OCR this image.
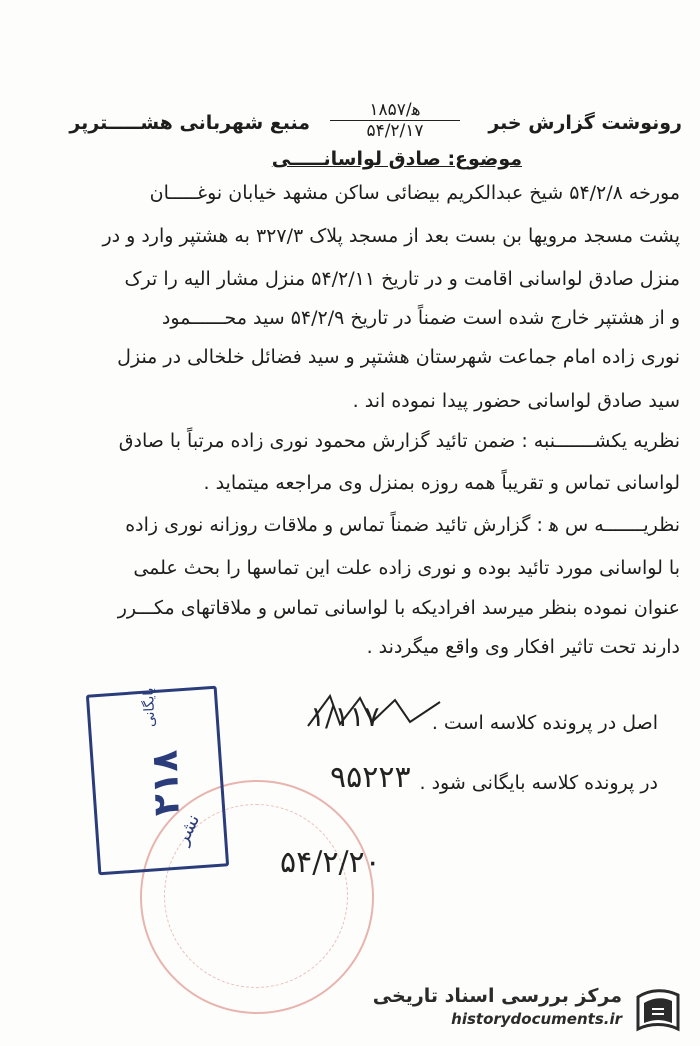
رونوشت گزارش خبر
۱ﻫ/۸۵۷
۵۴/۲/۱۷
منبع شهربانی هشـــــترپر
موضوع: صادق لواسانـــــی
مورخه ۵۴/۲/۸ شیخ عبدالکریم بیضائی ساکن مشهد خیابان نوغـــــان
پشت مسجد مرویها بن بست بعد از مسجد پلاک ۳۲۷/۳ به هشتپر وارد و در
منزل صادق لواسانی اقامت و در تاریخ ۵۴/۲/۱۱ منزل مشار الیه را ترک
و از هشتپر خارج شده است ضمناً در تاریخ ۵۴/۲/۹ سید محــــــمود
نوری زاده امام جماعت شهرستان هشتپر و سید فضائل خلخالی در منزل
سید صادق لواسانی حضور پیدا نموده اند .
نظریه یکشـــــــنبه : ضمن تائید گزارش محمود نوری زاده مرتباً با صادق
لواسانی تماس و تقریباً همه روزه بمنزل وی مراجعه میتماید .
نظریـــــــه س ﻫ : گزارش تائید ضمناً تماس و ملاقات روزانه نوری زاده
با لواسانی مورد تائید بوده و نوری زاده علت این تماسها را بحث علمی
عنوان نموده بنظر میرسد افرادیکه با لواسانی تماس و ملاقاتهای مکـــرر
دارند تحت تاثیر افکار وی واقع میگردند .
اصل در پرونده کلاسه است .
۱/۱۱۷
در پرونده کلاسه بایگانی شود .
۹۵۲۲۳
بایگانی
۲۱۸
نشر
۵۴/۲/۲۰
مرکز بررسی اسناد تاریخی
historydocuments.ir
